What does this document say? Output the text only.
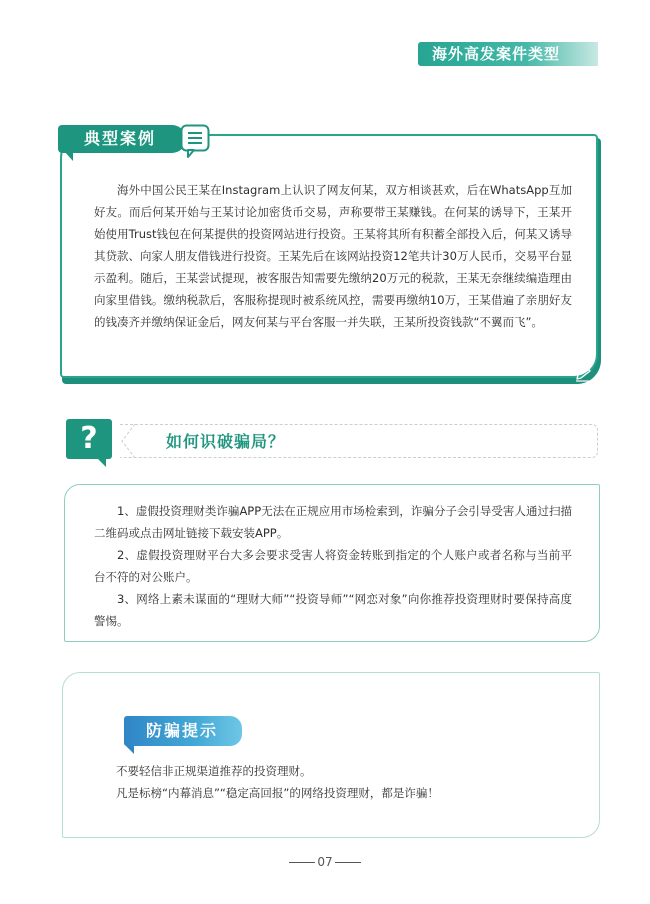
海外高发案件类型
典型案例
海外中国公民王某在Instagram上认识了网友何某，双方相谈甚欢，后在WhatsApp互加好友。而后何某开始与王某讨论加密货币交易，声称要带王某赚钱。在何某的诱导下，王某开始使用Trust钱包在何某提供的投资网站进行投资。王某将其所有积蓄全部投入后，何某又诱导其贷款、向家人朋友借钱进行投资。王某先后在该网站投资12笔共计30万人民币，交易平台显示盈利。随后，王某尝试提现，被客服告知需要先缴纳20万元的税款，王某无奈继续编造理由向家里借钱。缴纳税款后，客服称提现时被系统风控，需要再缴纳10万，王某借遍了亲朋好友的钱凑齐并缴纳保证金后，网友何某与平台客服一并失联，王某所投资钱款“不翼而飞”。
?	如何识破骗局？

1、虚假投资理财类诈骗APP无法在正规应用市场检索到，诈骗分子会引导受害人通过扫描二维码或点击网址链接下载安装APP。

2、虚假投资理财平台大多会要求受害人将资金转账到指定的个人账户或者名称与当前平台不符的对公账户。

3、网络上素未谋面的“理财大师”“投资导师”“网恋对象”向你推荐投资理财时要保持高度警惕。

防骗提示

不要轻信非正规渠道推荐的投资理财。

凡是标榜“内幕消息”“稳定高回报”的网络投资理财，都是诈骗！

07
